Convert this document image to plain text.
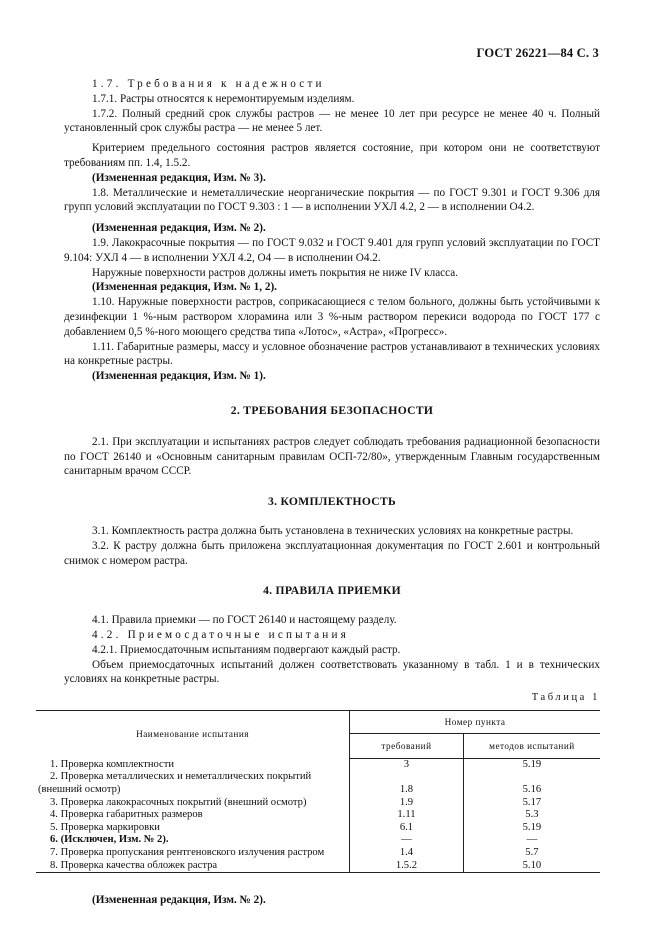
ГОСТ 26221—84 С. 3

1.7. Требования к надежности

1.7.1. Растры относятся к неремонтируемым изделиям.

1.7.2. Полный средний срок службы растров — не менее 10 лет при ресурсе не менее 40 ч. Полный установленный срок службы растра — не менее 5 лет.

Критерием предельного состояния растров является состояние, при котором они не соответствуют требованиям пп. 1.4, 1.5.2.

(Измененная редакция, Изм. № 3).

1.8. Металлические и неметаллические неорганические покрытия — по ГОСТ 9.301 и ГОСТ 9.306 для групп условий эксплуатации по ГОСТ 9.303 : 1 — в исполнении УХЛ 4.2, 2 — в исполнении О4.2.

(Измененная редакция, Изм. № 2).

1.9. Лакокрасочные покрытия — по ГОСТ 9.032 и ГОСТ 9.401 для групп условий эксплуатации по ГОСТ 9.104: УХЛ 4 — в исполнении УХЛ 4.2, О4 — в исполнении О4.2.

Наружные поверхности растров должны иметь покрытия не ниже IV класса.

(Измененная редакция, Изм. № 1, 2).

1.10. Наружные поверхности растров, соприкасающиеся с телом больного, должны быть устойчивыми к дезинфекции 1 %-ным раствором хлорамина или 3 %-ным раствором перекиси водорода по ГОСТ 177 с добавлением 0,5 %-ного моющего средства типа «Лотос», «Астра», «Прогресс».

1.11. Габаритные размеры, массу и условное обозначение растров устанавливают в технических условиях на конкретные растры.

(Измененная редакция, Изм. № 1).

2. ТРЕБОВАНИЯ БЕЗОПАСНОСТИ

2.1. При эксплуатации и испытаниях растров следует соблюдать требования радиационной безопасности по ГОСТ 26140 и «Основным санитарным правилам ОСП-72/80», утвержденным Главным государственным санитарным врачом СССР.

3. КОМПЛЕКТНОСТЬ

3.1. Комплектность растра должна быть установлена в технических условиях на конкретные растры.

3.2. К растру должна быть приложена эксплуатационная документация по ГОСТ 2.601 и контрольный снимок с номером растра.

4. ПРАВИЛА ПРИЕМКИ

4.1. Правила приемки — по ГОСТ 26140 и настоящему разделу.

4.2. Приемосдаточные испытания

4.2.1. Приемосдаточным испытаниям подвергают каждый растр.

Объем приемосдаточных испытаний должен соответствовать указанному в табл. 1 и в технических условиях на конкретные растры.

Таблица 1
Наименование испытания	Номер пункта	
	требований	методов испытаний

1. Проверка комплектности	3	5.19

2. Проверка металлических и неметаллических покрытий (внешний осмотр)	1.8	5.16

3. Проверка лакокрасочных покрытий (внешний осмотр)	1.9	5.17

4. Проверка габаритных размеров	1.11	5.3

5. Проверка маркировки	6.1	5.19

6. (Исключен, Изм. № 2).	—	—

7. Проверка пропускания рентгеновского излучения растром	1.4	5.7

8. Проверка качества обложек растра	1.5.2	5.10

(Измененная редакция, Изм. № 2).
